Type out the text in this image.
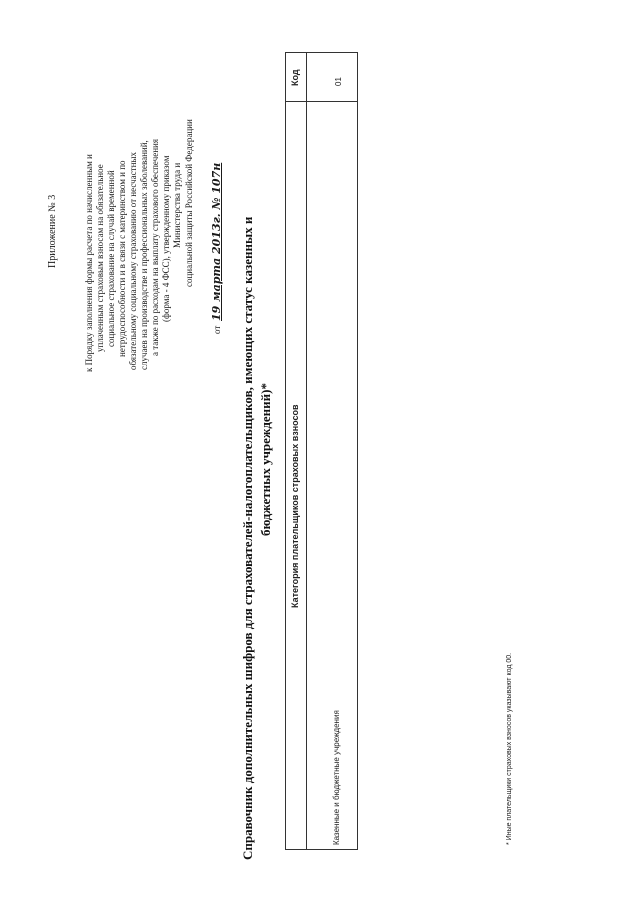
Приложение № 3	к Порядку заполнения формы расчета по начисленным и уплаченным страховым взносам на обязательное социальное страхование на случай временной нетрудоспособности и в связи с материнством и по обязательному социальному страхованию от несчастных случаев на производстве и профессиональных заболеваний, а также по расходам на выплату страхового обеспечения (форма - 4 ФСС), утвержденному приказом Министерства труда и социальной защиты Российской Федерации
от
19 марта 2013г. № 107н Справочник дополнительных шифров для страхователей-налогоплательщиков, имеющих статус казенных и бюджетных учреждений)* Категория плательщиков страховых взносов
Код
Казенные и бюджетные учреждения
01
* Иные плательщики страховых взносов указывают код 00.
